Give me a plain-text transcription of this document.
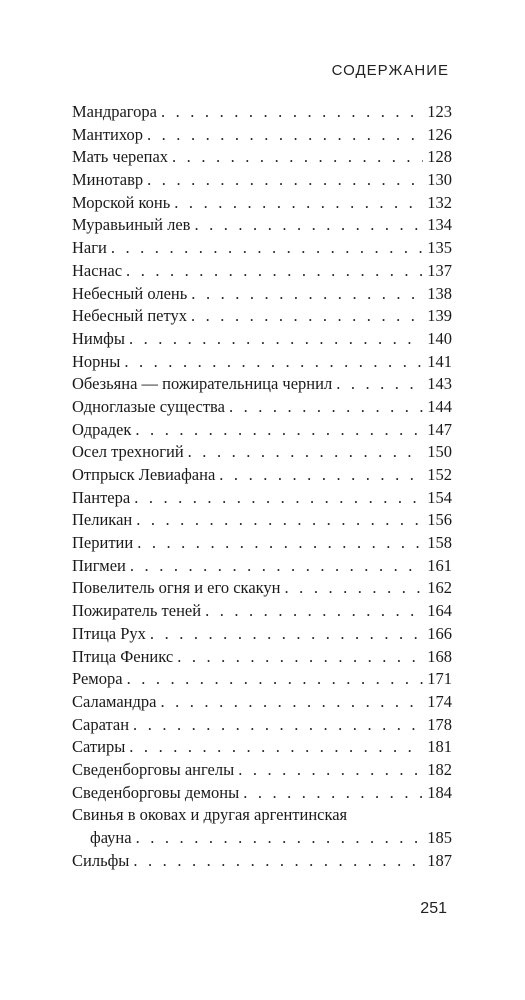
СОДЕРЖАНИЕ
Мандрагора . . .	123
Мантихор . . .	126
Мать черепах . . .	128
Минотавр . . .	130
Морской конь . . .	132
Муравьиный лев . . .	134
Наги . . .	135
Наснас . . .	137
Небесный олень . . .	138
Небесный петух . . .	139
Нимфы . . .	140
Норны . . .	141
Обезьяна — пожирательница чернил . . .	143
Одноглазые существа . . .	144
Одрадек . . .	147
Осел трехногий . . .	150
Отпрыск Левиафана . . .	152
Пантера . . .	154
Пеликан . . .	156
Перитии . . .	158
Пигмеи . . .	161
Повелитель огня и его скакун . . .	162
Пожиратель теней . . .	164
Птица Рух . . .	166
Птица Феникс . . .	168
Ремора . . .	171
Саламандра . . .	174
Саратан . . .	178
Сатиры . . .	181
Сведенборговы ангелы . . .	182
Сведенборговы демоны . . .	184
Свинья в оковах и другая аргентинская
фауна . . .	185
Сильфы . . .	187
251
